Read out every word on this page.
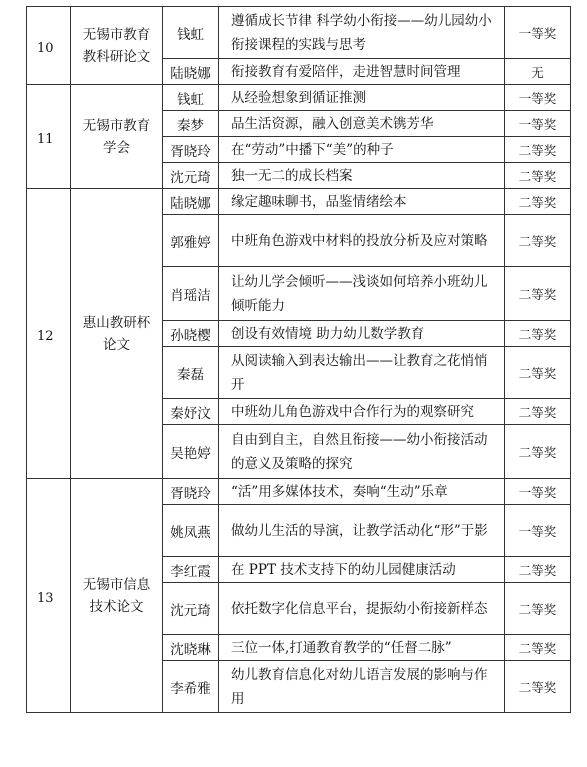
10	无锡市教育教科研论文	钱虹	遵循成长节律 科学幼小衔接——幼儿园幼小衔接课程的实践与思考	一等奖
		陆晓娜	衔接教育有爱陪伴，走进智慧时间管理	无
11	无锡市教育学会	钱虹	从经验想象到循证推测	一等奖
		秦梦	品生活资源，融入创意美术镌芳华	一等奖
		胥晓玲	在“劳动”中播下“美”的种子	二等奖
		沈元琦	独一无二的成长档案	二等奖
12	惠山教研杯论文	陆晓娜	缘定趣味聊书，品鉴情绪绘本	二等奖
		郭雅婷	中班角色游戏中材料的投放分析及应对策略	二等奖
		肖瑶洁	让幼儿学会倾听——浅谈如何培养小班幼儿倾听能力	二等奖
		孙晓樱	创设有效情境 助力幼儿数学教育	二等奖
		秦磊	从阅读输入到表达输出——让教育之花悄悄开	二等奖
		秦妤汶	中班幼儿角色游戏中合作行为的观察研究	二等奖
		吴艳婷	自由到自主，自然且衔接——幼小衔接活动的意义及策略的探究	二等奖
13	无锡市信息技术论文	胥晓玲	“活”用多媒体技术，奏响“生动”乐章	一等奖
		姚凤燕	做幼儿生活的导演，让教学活动化“形”于影	一等奖
		李红霞	在 PPT 技术支持下的幼儿园健康活动	二等奖
		沈元琦	依托数字化信息平台，提振幼小衔接新样态	二等奖
		沈晓琳	三位一体,打通教育教学的“任督二脉”	二等奖
		李希雅	幼儿教育信息化对幼儿语言发展的影响与作用	二等奖
